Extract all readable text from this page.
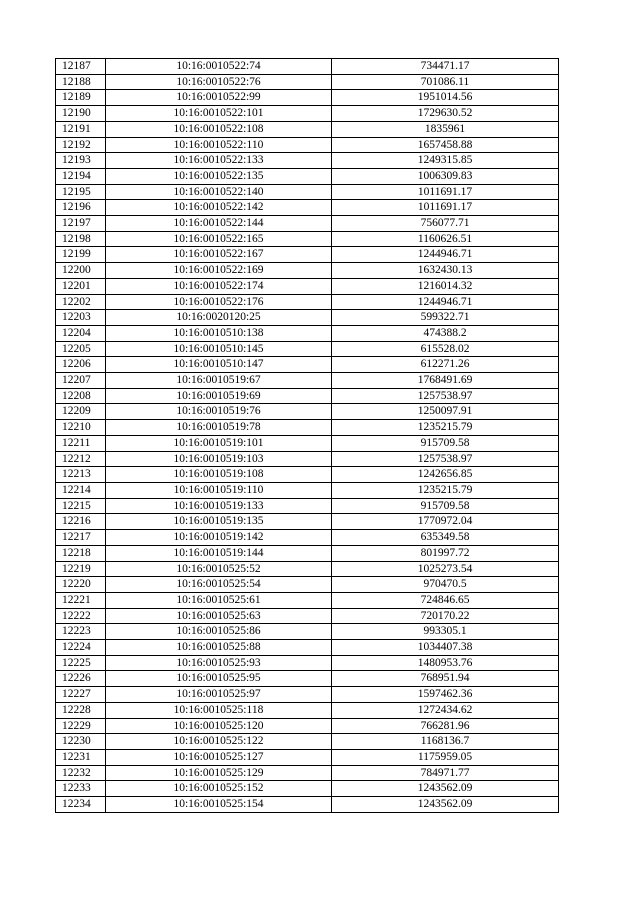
12187	10:16:0010522:74	734471.17
12188	10:16:0010522:76	701086.11
12189	10:16:0010522:99	1951014.56
12190	10:16:0010522:101	1729630.52
12191	10:16:0010522:108	1835961
12192	10:16:0010522:110	1657458.88
12193	10:16:0010522:133	1249315.85
12194	10:16:0010522:135	1006309.83
12195	10:16:0010522:140	1011691.17
12196	10:16:0010522:142	1011691.17
12197	10:16:0010522:144	756077.71
12198	10:16:0010522:165	1160626.51
12199	10:16:0010522:167	1244946.71
12200	10:16:0010522:169	1632430.13
12201	10:16:0010522:174	1216014.32
12202	10:16:0010522:176	1244946.71
12203	10:16:0020120:25	599322.71
12204	10:16:0010510:138	474388.2
12205	10:16:0010510:145	615528.02
12206	10:16:0010510:147	612271.26
12207	10:16:0010519:67	1768491.69
12208	10:16:0010519:69	1257538.97
12209	10:16:0010519:76	1250097.91
12210	10:16:0010519:78	1235215.79
12211	10:16:0010519:101	915709.58
12212	10:16:0010519:103	1257538.97
12213	10:16:0010519:108	1242656.85
12214	10:16:0010519:110	1235215.79
12215	10:16:0010519:133	915709.58
12216	10:16:0010519:135	1770972.04
12217	10:16:0010519:142	635349.58
12218	10:16:0010519:144	801997.72
12219	10:16:0010525:52	1025273.54
12220	10:16:0010525:54	970470.5
12221	10:16:0010525:61	724846.65
12222	10:16:0010525:63	720170.22
12223	10:16:0010525:86	993305.1
12224	10:16:0010525:88	1034407.38
12225	10:16:0010525:93	1480953.76
12226	10:16:0010525:95	768951.94
12227	10:16:0010525:97	1597462.36
12228	10:16:0010525:118	1272434.62
12229	10:16:0010525:120	766281.96
12230	10:16:0010525:122	1168136.7
12231	10:16:0010525:127	1175959.05
12232	10:16:0010525:129	784971.77
12233	10:16:0010525:152	1243562.09
12234	10:16:0010525:154	1243562.09
